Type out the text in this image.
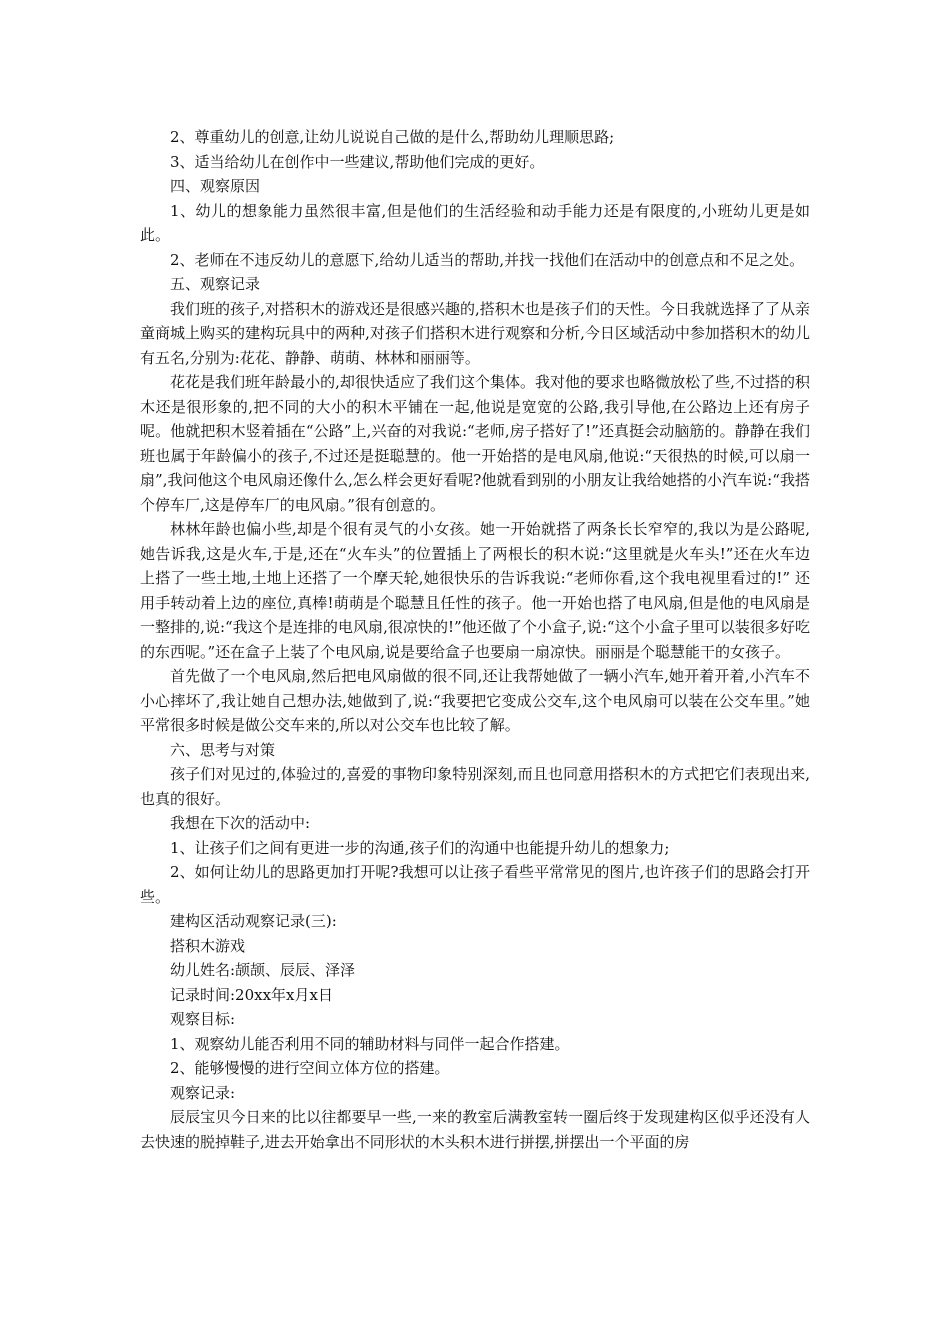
2、尊重幼儿的创意,让幼儿说说自己做的是什么,帮助幼儿理顺思路;

3、适当给幼儿在创作中一些建议,帮助他们完成的更好。

四、观察原因

1、幼儿的想象能力虽然很丰富,但是他们的生活经验和动手能力还是有限度的,小班幼儿更是如此。

2、老师在不违反幼儿的意愿下,给幼儿适当的帮助,并找一找他们在活动中的创意点和不足之处。

五、观察记录

我们班的孩子,对搭积木的游戏还是很感兴趣的,搭积木也是孩子们的天性。今日我就选择了了从亲童商城上购买的建构玩具中的两种,对孩子们搭积木进行观察和分析,今日区域活动中参加搭积木的幼儿有五名,分别为:花花、静静、萌萌、林林和丽丽等。

花花是我们班年龄最小的,却很快适应了我们这个集体。我对他的要求也略微放松了些,不过搭的积木还是很形象的,把不同的大小的积木平铺在一起,他说是宽宽的公路,我引导他,在公路边上还有房子呢。他就把积木竖着插在“公路”上,兴奋的对我说:“老师,房子搭好了!”还真挺会动脑筋的。静静在我们班也属于年龄偏小的孩子,不过还是挺聪慧的。他一开始搭的是电风扇,他说:“天很热的时候,可以扇一扇”,我问他这个电风扇还像什么,怎么样会更好看呢?他就看到别的小朋友让我给她搭的小汽车说:“我搭个停车厂,这是停车厂的电风扇。”很有创意的。

林林年龄也偏小些,却是个很有灵气的小女孩。她一开始就搭了两条长长窄窄的,我以为是公路呢,她告诉我,这是火车,于是,还在“火车头”的位置插上了两根长的积木说:“这里就是火车头!”还在火车边上搭了一些土地,土地上还搭了一个摩天轮,她很快乐的告诉我说:“老师你看,这个我电视里看过的!” 还用手转动着上边的座位,真棒!萌萌是个聪慧且任性的孩子。他一开始也搭了电风扇,但是他的电风扇是一整排的,说:“我这个是连排的电风扇,很凉快的!”他还做了个小盒子,说:“这个小盒子里可以装很多好吃的东西呢。”还在盒子上装了个电风扇,说是要给盒子也要扇一扇凉快。丽丽是个聪慧能干的女孩子。

首先做了一个电风扇,然后把电风扇做的很不同,还让我帮她做了一辆小汽车,她开着开着,小汽车不小心摔坏了,我让她自己想办法,她做到了,说:“我要把它变成公交车,这个电风扇可以装在公交车里。”她平常很多时候是做公交车来的,所以对公交车也比较了解。

六、思考与对策

孩子们对见过的,体验过的,喜爱的事物印象特别深刻,而且也同意用搭积木的方式把它们表现出来,也真的很好。

我想在下次的活动中:

1、让孩子们之间有更进一步的沟通,孩子们的沟通中也能提升幼儿的想象力;

2、如何让幼儿的思路更加打开呢?我想可以让孩子看些平常常见的图片,也许孩子们的思路会打开些。

建构区活动观察记录(三):

搭积木游戏

幼儿姓名:颉颉、辰辰、泽泽

记录时间:20xx年x月x日

观察目标:

1、观察幼儿能否利用不同的辅助材料与同伴一起合作搭建。

2、能够慢慢的进行空间立体方位的搭建。

观察记录:

辰辰宝贝今日来的比以往都要早一些,一来的教室后满教室转一圈后终于发现建构区似乎还没有人去快速的脱掉鞋子,进去开始拿出不同形状的木头积木进行拼摆,拼摆出一个平面的房
